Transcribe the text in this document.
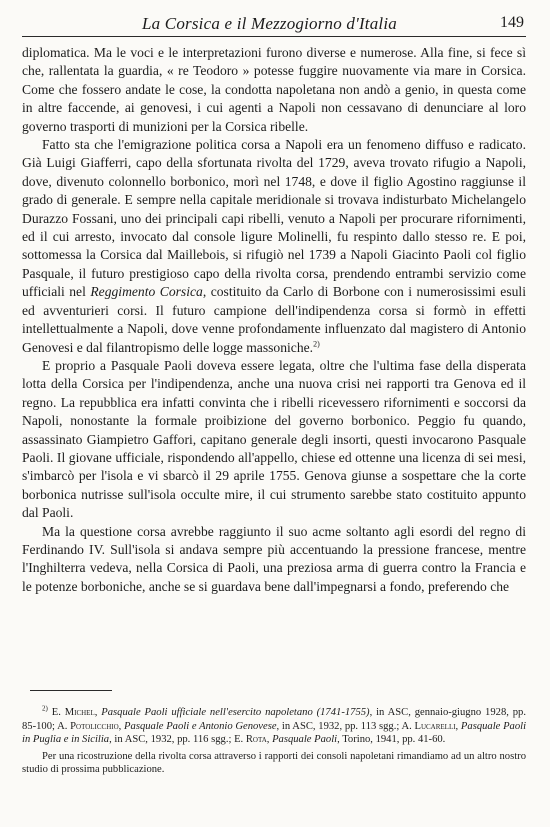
La Corsica e il Mezzogiorno d'Italia	149

diplomatica. Ma le voci e le interpretazioni furono diverse e numerose. Alla fine, si fece sì che, rallentata la guardia, « re Teodoro » potesse fuggire nuovamente via mare in Corsica. Come che fossero andate le cose, la condotta napoletana non andò a genio, in questa come in altre faccende, ai genovesi, i cui agenti a Napoli non cessavano di denunciare al loro governo trasporti di munizioni per la Corsica ribelle.

Fatto sta che l'emigrazione politica corsa a Napoli era un fenomeno diffuso e radicato. Già Luigi Giafferri, capo della sfortunata rivolta del 1729, aveva trovato rifugio a Napoli, dove, divenuto colonnello borbonico, morì nel 1748, e dove il figlio Agostino raggiunse il grado di generale. E sempre nella capitale meridionale si trovava indisturbato Michelangelo Durazzo Fossani, uno dei principali capi ribelli, venuto a Napoli per procurare rifornimenti, ed il cui arresto, invocato dal console ligure Molinelli, fu respinto dallo stesso re. E poi, sottomessa la Corsica dal Maillebois, si rifugiò nel 1739 a Napoli Giacinto Paoli col figlio Pasquale, il futuro prestigioso capo della rivolta corsa, prendendo entrambi servizio come ufficiali nel Reggimento Corsica, costituito da Carlo di Borbone con i numerosissimi esuli ed avventurieri corsi. Il futuro campione dell'indipendenza corsa si formò in effetti intellettualmente a Napoli, dove venne profondamente influenzato dal magistero di Antonio Genovesi e dal filantropismo delle logge massoniche.$^{2)}$

E proprio a Pasquale Paoli doveva essere legata, oltre che l'ultima fase della disperata lotta della Corsica per l'indipendenza, anche una nuova crisi nei rapporti tra Genova ed il regno. La repubblica era infatti convinta che i ribelli ricevessero rifornimenti e soccorsi da Napoli, nonostante la formale proibizione del governo borbonico. Peggio fu quando, assassinato Giampietro Gaffori, capitano generale degli insorti, questi invocarono Pasquale Paoli. Il giovane ufficiale, rispondendo all'appello, chiese ed ottenne una licenza di sei mesi, s'imbarcò per l'isola e vi sbarcò il 29 aprile 1755. Genova giunse a sospettare che la corte borbonica nutrisse sull'isola occulte mire, il cui strumento sarebbe stato costituito appunto dal Paoli.

Ma la questione corsa avrebbe raggiunto il suo acme soltanto agli esordi del regno di Ferdinando IV. Sull'isola si andava sempre più accentuando la pressione francese, mentre l'Inghilterra vedeva, nella Corsica di Paoli, una preziosa arma di guerra contro la Francia e le potenze borboniche, anche se si guardava bene dall'impegnarsi a fondo, preferendo che

$^{2)}$ E. Michel, Pasquale Paoli ufficiale nell'esercito napoletano (1741-1755), in ASC, gennaio-giugno 1928, pp. 85-100; A. Potolicchio, Pasquale Paoli e Antonio Genovese, in ASC, 1932, pp. 113 sgg.; A. Lucarelli, Pasquale Paoli in Puglia e in Sicilia, in ASC, 1932, pp. 116 sgg.; E. Rota, Pasquale Paoli, Torino, 1941, pp. 41-60.

Per una ricostruzione della rivolta corsa attraverso i rapporti dei consoli napoletani rimandiamo ad un altro nostro studio di prossima pubblicazione.
